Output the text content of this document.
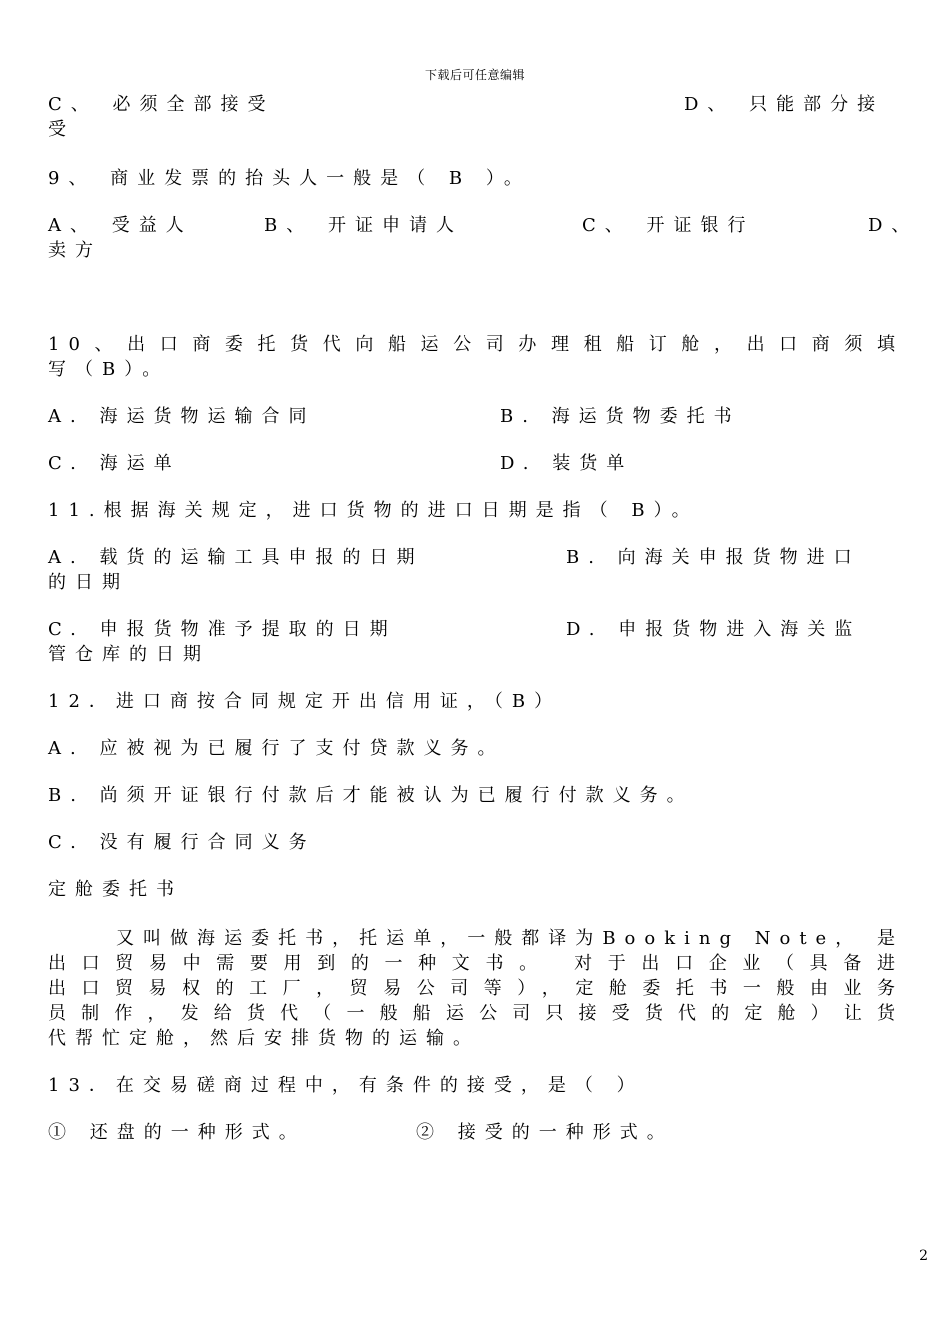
下载后可任意编辑
C、 必须全部接受	D、 只能部分接
受
9、 商业发票的抬头人一般是（ B ）。
A、 受益人	B、 开证申请人	C、 开证银行	D、
卖方
10、出口商委托货代向船运公司办理租船订舱，出口商须填
写（B）。
A. 海运货物运输合同	B. 海运货物委托书
C. 海运单	D. 装货单
11.根据海关规定，进口货物的进口日期是指（ B）。
A. 载货的运输工具申报的日期	B. 向海关申报货物进口
的日期
C. 申报货物准予提取的日期	D. 申报货物进入海关监
管仓库的日期
12．进口商按合同规定开出信用证，（B）
A. 应被视为已履行了支付贷款义务。
B. 尚须开证银行付款后才能被认为已履行付款义务。
C. 没有履行合同义务
定舱委托书
又叫做海运委托书，托运单，一般都译为Booking Note， 是
出口贸易中需要用到的一种文书。 对于出口企业（具备进
出口贸易权的工厂，贸易公司等），定舱委托书一般由业务
员制作，发给货代（一般船运公司只接受货代的定舱）让货
代帮忙定舱，然后安排货物的运输。
13．在交易磋商过程中，有条件的接受，是（ ）
① 还盘的一种形式。	② 接受的一种形式。
2
